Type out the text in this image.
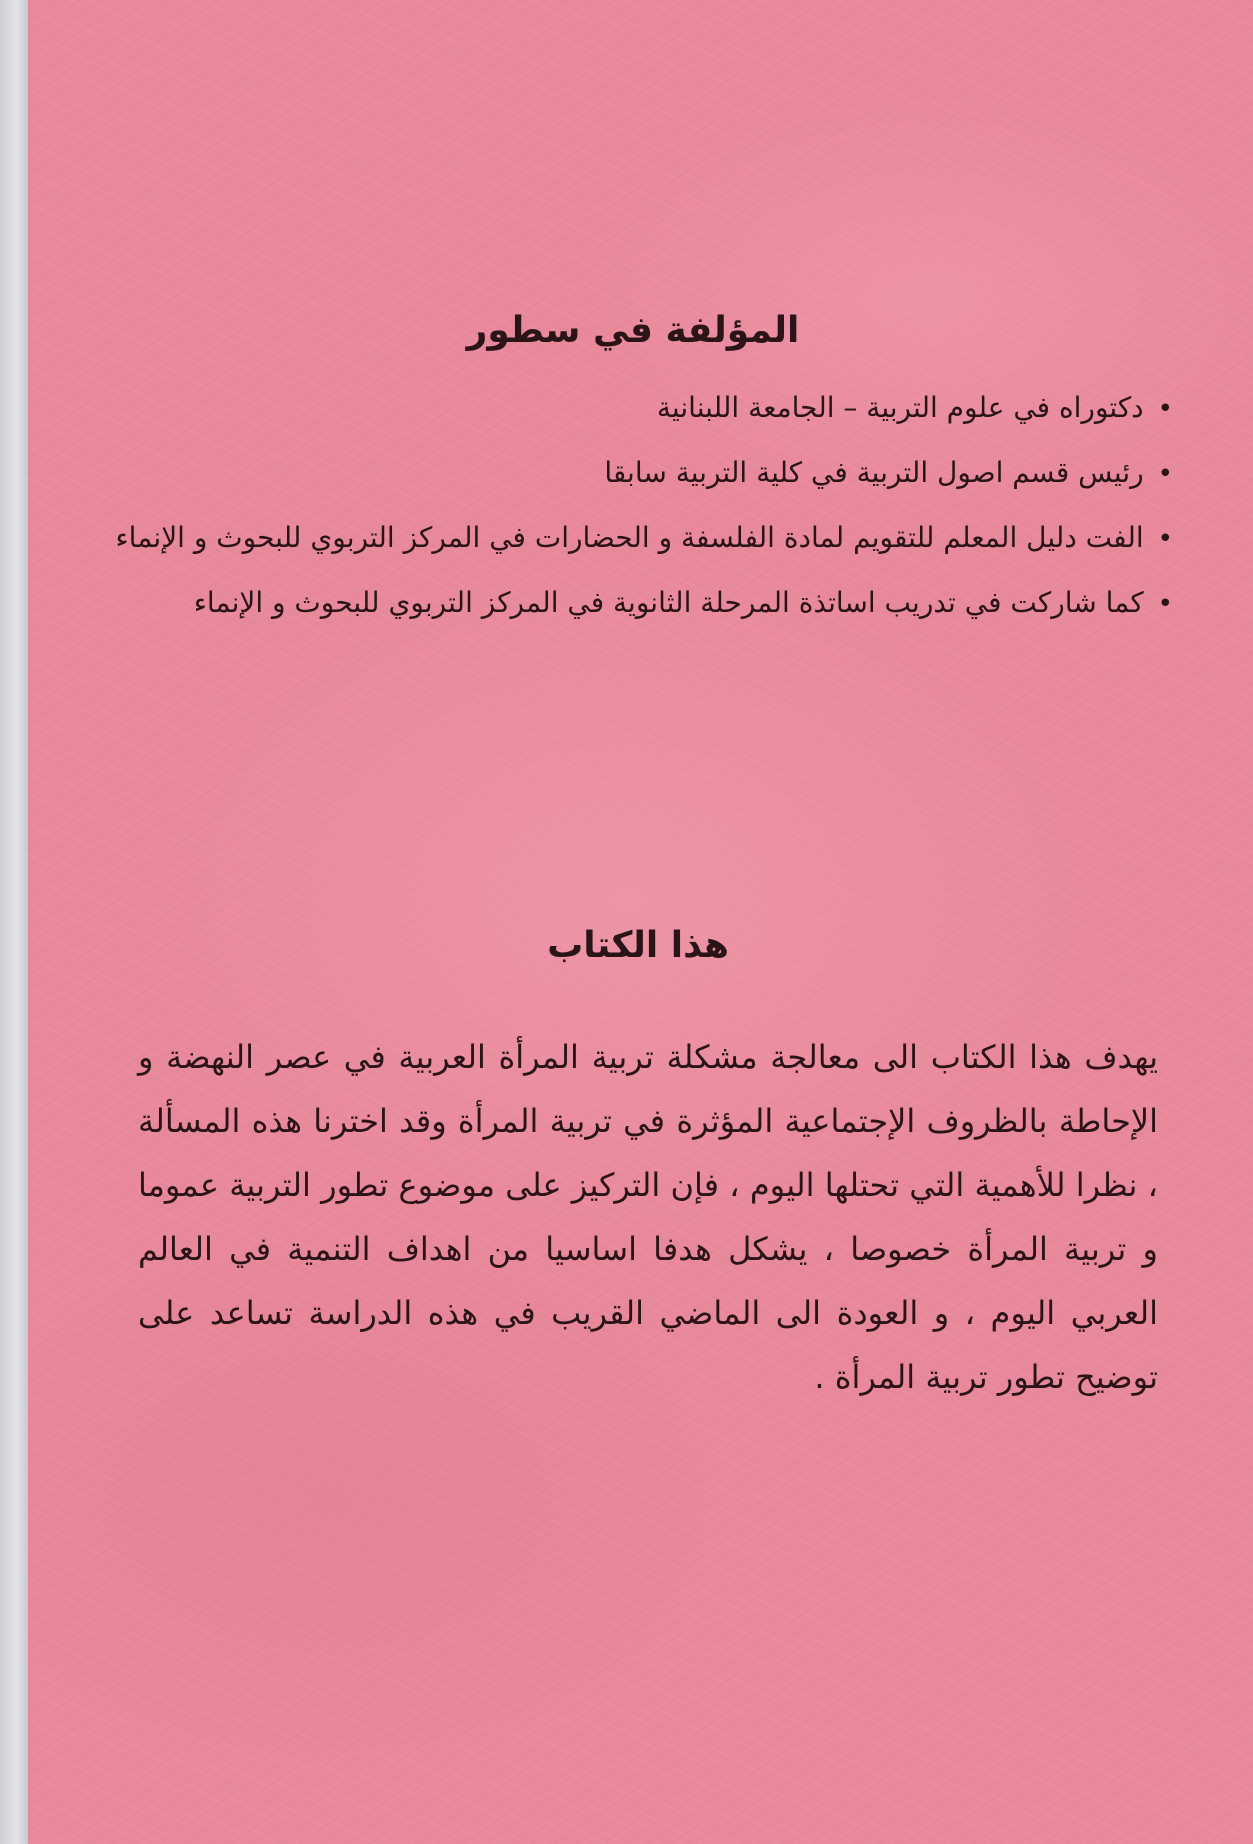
المؤلفة في سطور
•دكتوراه في علوم التربية – الجامعة اللبنانية
•رئيس قسم اصول التربية في كلية التربية سابقا
•الفت دليل المعلم للتقويم لمادة الفلسفة و الحضارات في المركز التربوي للبحوث و الإنماء
•كما شاركت في تدريب اساتذة المرحلة الثانوية في المركز التربوي للبحوث و الإنماء
هذا الكتاب

يهدف هذا الكتاب الى معالجة مشكلة تربية المرأة العربية في عصر النهضة و الإحاطة بالظروف الإجتماعية المؤثرة في تربية المرأة وقد اخترنا هذه المسألة ، نظرا للأهمية التي تحتلها اليوم ، فإن التركيز على موضوع تطور التربية عموما و تربية المرأة خصوصا ، يشكل هدفا اساسيا من اهداف التنمية في العالم العربي اليوم ، و العودة الى الماضي القريب في هذه الدراسة تساعد على توضيح تطور تربية المرأة .
